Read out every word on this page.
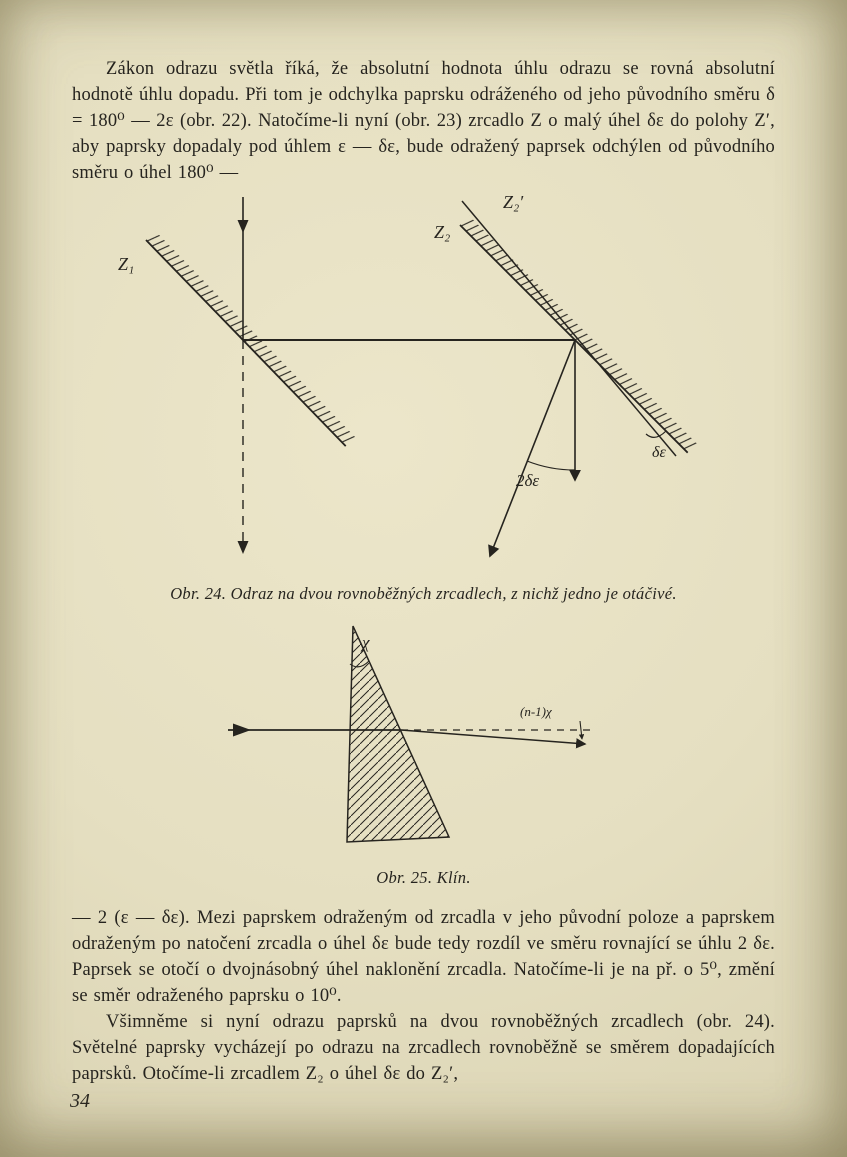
Zákon odrazu světla říká, že absolutní hodnota úhlu odrazu se rovná absolutní hodnotě úhlu dopadu. Při tom je odchylka paprsku odráženého od jeho původního směru δ = 180⁰ — 2ε (obr. 22). Natočíme-li nyní (obr. 23) zrcadlo Z o malý úhel δε do polohy Z′, aby paprsky dopadaly pod úhlem ε — δε, bude odražený paprsek odchýlen od původního směru o úhel 180⁰ —

Z₁
Z₂
Z₂′
2δε
δε

Obr. 24. Odraz na dvou rovnoběžných zrcadlech, z nichž jedno je otáčivé.

χ
(n-1)χ

Obr. 25. Klín.

— 2 (ε — δε). Mezi paprskem odraženým od zrcadla v jeho původní poloze a paprskem odraženým po natočení zrcadla o úhel δε bude tedy rozdíl ve směru rovnající se úhlu 2 δε. Paprsek se otočí o dvojnásobný úhel naklonění zrcadla. Natočíme-li je na př. o 5⁰, změní se směr odraženého paprsku o 10⁰.

Všimněme si nyní odrazu paprsků na dvou rovnoběžných zrcadlech (obr. 24). Světelné paprsky vycházejí po odrazu na zrcadlech rovnoběžně se směrem dopadajících paprsků. Otočíme-li zrcadlem Z₂ o úhel δε do Z₂′,

34
